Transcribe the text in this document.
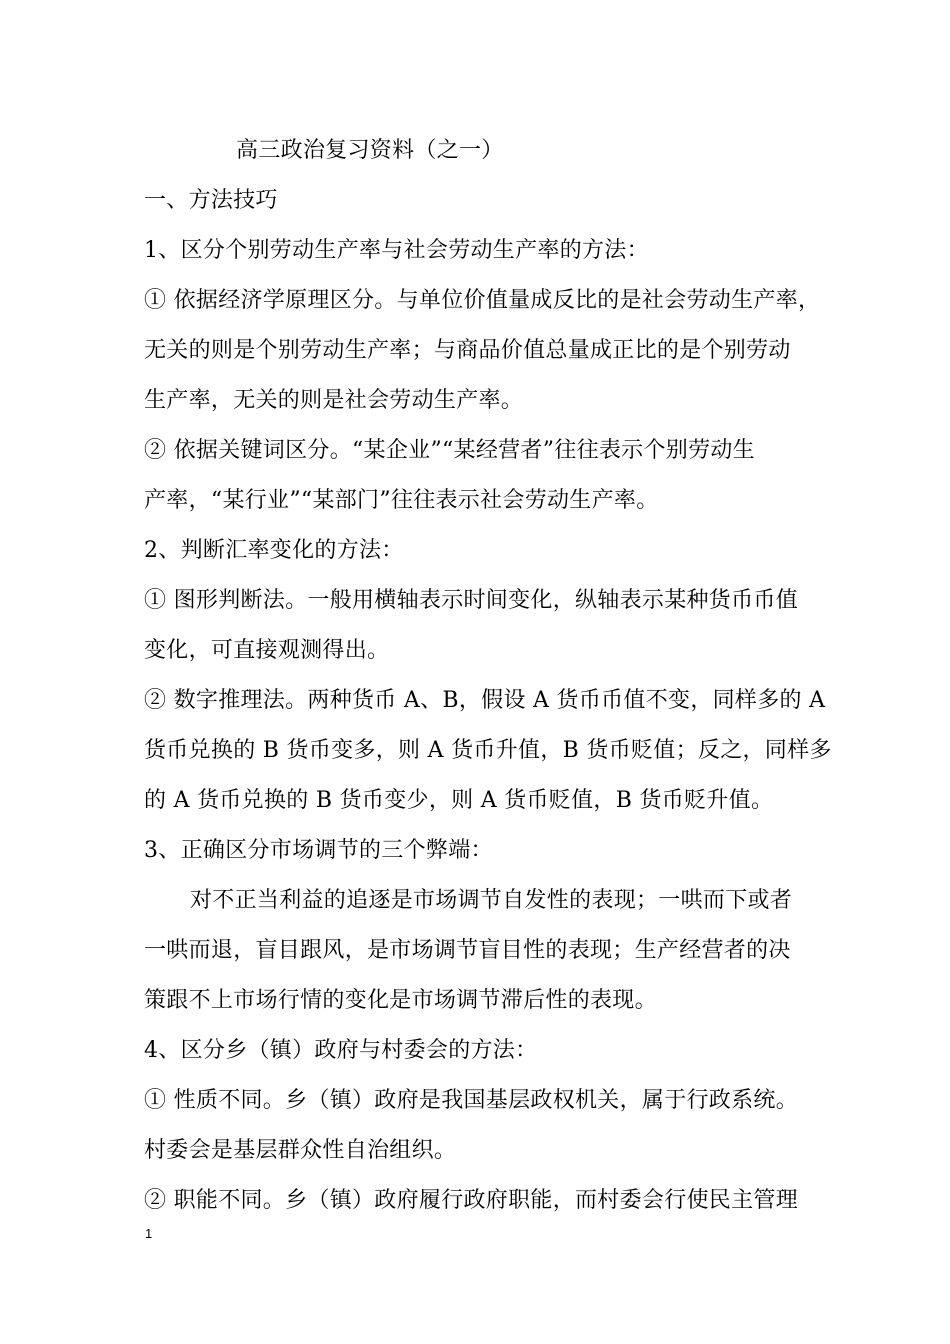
高三政治复习资料（之一）
一、方法技巧
1、区分个别劳动生产率与社会劳动生产率的方法：
① 依据经济学原理区分。与单位价值量成反比的是社会劳动生产率，
无关的则是个别劳动生产率；与商品价值总量成正比的是个别劳动
生产率，无关的则是社会劳动生产率。
② 依据关键词区分。“某企业”“某经营者”往往表示个别劳动生
产率，“某行业”“某部门”往往表示社会劳动生产率。
2、判断汇率变化的方法：
① 图形判断法。一般用横轴表示时间变化，纵轴表示某种货币币值
变化，可直接观测得出。
② 数字推理法。两种货币 A、B，假设 A 货币币值不变，同样多的 A
货币兑换的 B 货币变多，则 A 货币升值，B 货币贬值；反之，同样多
的 A 货币兑换的 B 货币变少，则 A 货币贬值，B 货币贬升值。
3、正确区分市场调节的三个弊端：
对不正当利益的追逐是市场调节自发性的表现；一哄而下或者
一哄而退，盲目跟风，是市场调节盲目性的表现；生产经营者的决
策跟不上市场行情的变化是市场调节滞后性的表现。
4、区分乡（镇）政府与村委会的方法：
① 性质不同。乡（镇）政府是我国基层政权机关，属于行政系统。
村委会是基层群众性自治组织。
② 职能不同。乡（镇）政府履行政府职能，而村委会行使民主管理
1
